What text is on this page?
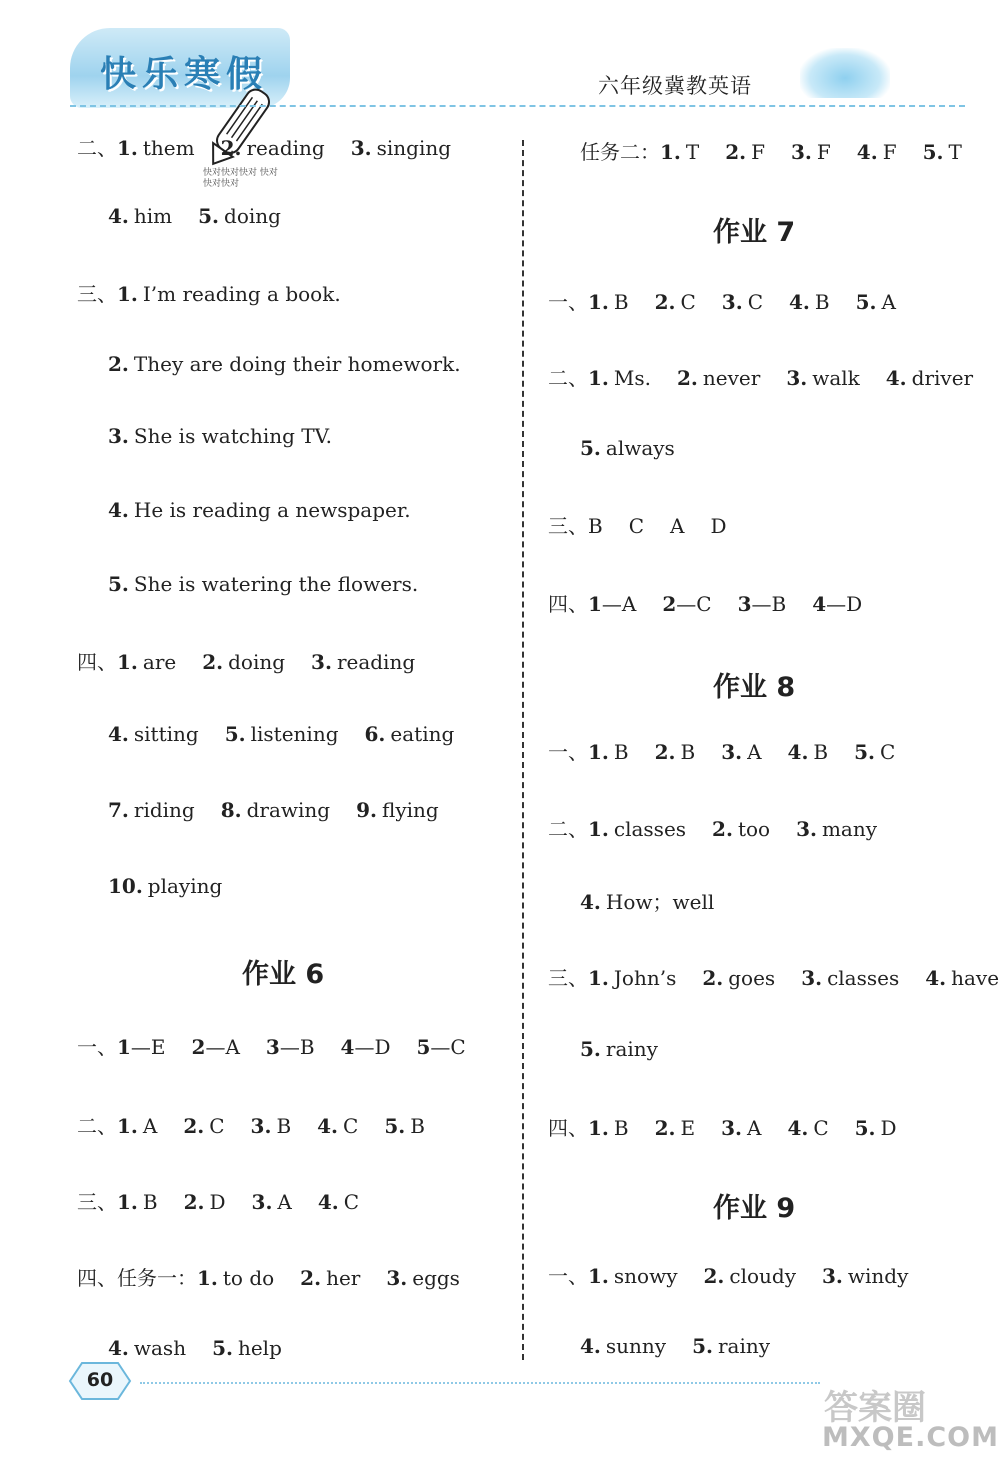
快乐寒假	六年级冀教英语
快对快对快对 快对快对快对
二、1. them 2. reading 3. singing
4. him 5. doing
三、1. I’m reading a book.
2. They are doing their homework.
3. She is watching TV.
4. He is reading a newspaper.
5. She is watering the flowers.
四、1. are 2. doing 3. reading
4. sitting 5. listening 6. eating
7. riding 8. drawing 9. flying
10. playing
作业 6
一、1—E 2—A 3—B 4—D 5—C
二、1. A 2. C 3. B 4. C 5. B
三、1. B 2. D 3. A 4. C
四、任务一：1. to do 2. her 3. eggs
4. wash 5. help
任务二：1. T 2. F 3. F 4. F 5. T
作业 7
一、1. B 2. C 3. C 4. B 5. A
二、1. Ms. 2. never 3. walk 4. driver
5. always
三、B C A D
四、1—A 2—C 3—B 4—D
作业 8
一、1. B 2. B 3. A 4. B 5. C
二、1. classes 2. too 3. many
4. How；well
三、1. John’s 2. goes 3. classes 4. have
5. rainy
四、1. B 2. E 3. A 4. C 5. D
作业 9
一、1. snowy 2. cloudy 3. windy
4. sunny 5. rainy
60
答案圈
MXQE.COM
